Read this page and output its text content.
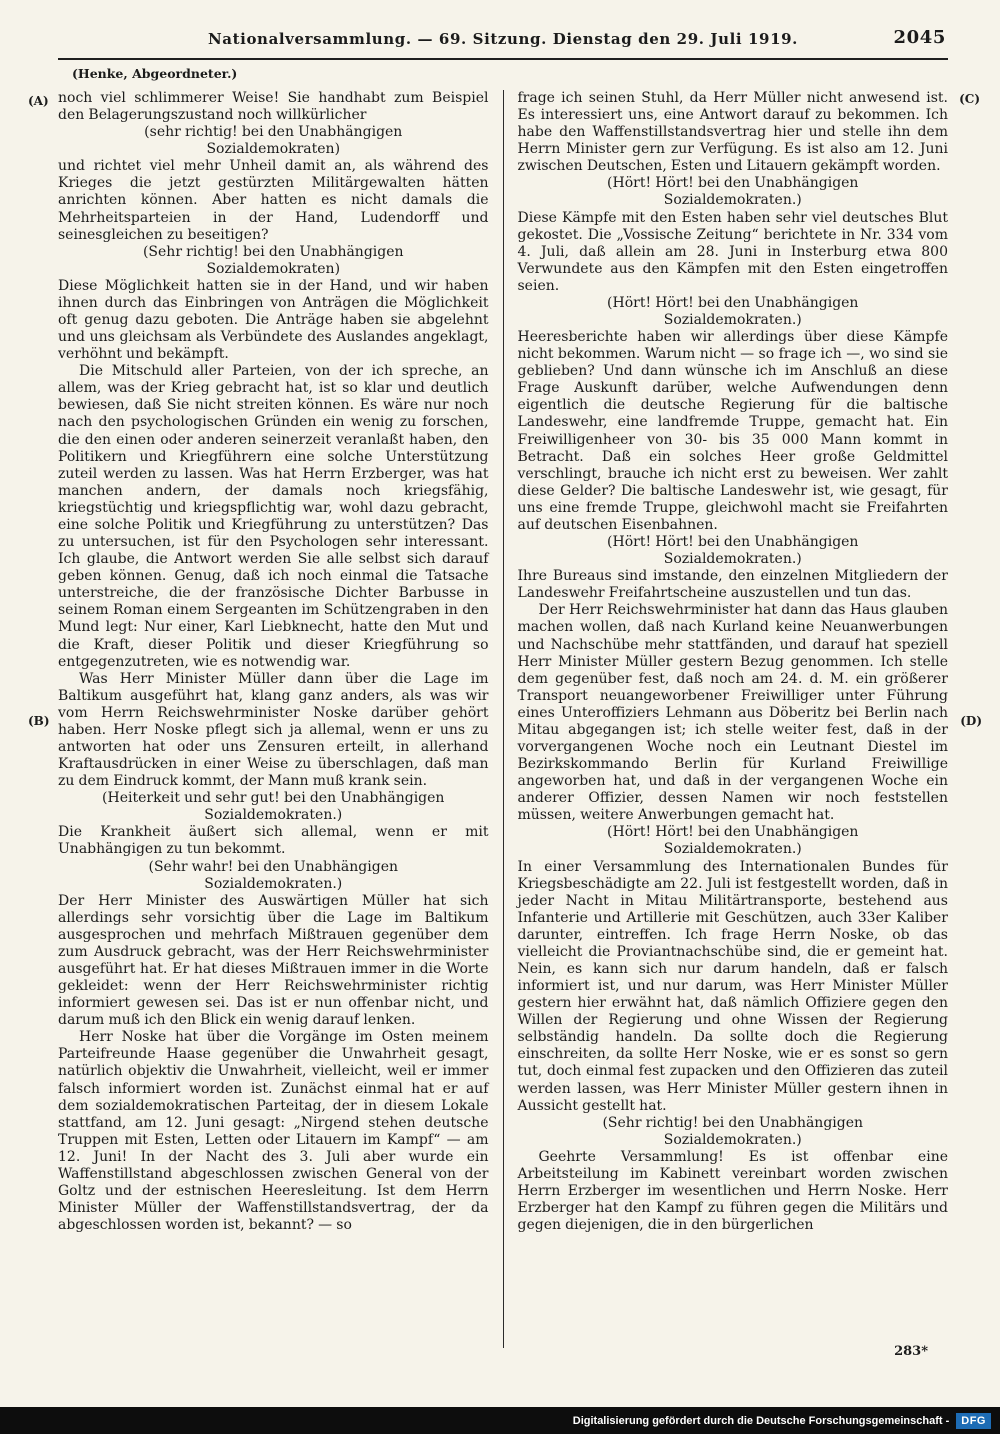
Nationalversammlung. — 69. Sitzung. Dienstag den 29. Juli 1919.	2045
(Henke, Abgeordneter.)
(A)
(B)
(C)
(D)

noch viel schlimmerer Weise! Sie handhabt zum Beispiel den Belagerungszustand noch willkürlicher

(sehr richtig! bei den Unabhängigen Sozialdemokraten)

und richtet viel mehr Unheil damit an, als während des Krieges die jetzt gestürzten Militärgewalten hätten anrichten können. Aber hatten es nicht damals die Mehrheitsparteien in der Hand, Ludendorff und seinesgleichen zu beseitigen?

(Sehr richtig! bei den Unabhängigen Sozialdemokraten)

Diese Möglichkeit hatten sie in der Hand, und wir haben ihnen durch das Einbringen von Anträgen die Möglichkeit oft genug dazu geboten. Die Anträge haben sie abgelehnt und uns gleichsam als Verbündete des Auslandes angeklagt, verhöhnt und bekämpft.

Die Mitschuld aller Parteien, von der ich spreche, an allem, was der Krieg gebracht hat, ist so klar und deutlich bewiesen, daß Sie nicht streiten können. Es wäre nur noch nach den psychologischen Gründen ein wenig zu forschen, die den einen oder anderen seinerzeit veranlaßt haben, den Politikern und Kriegführern eine solche Unterstützung zuteil werden zu lassen. Was hat Herrn Erzberger, was hat manchen andern, der damals noch kriegsfähig, kriegstüchtig und kriegspflichtig war, wohl dazu gebracht, eine solche Politik und Kriegführung zu unterstützen? Das zu untersuchen, ist für den Psychologen sehr interessant. Ich glaube, die Antwort werden Sie alle selbst sich darauf geben können. Genug, daß ich noch einmal die Tatsache unterstreiche, die der französische Dichter Barbusse in seinem Roman einem Sergeanten im Schützengraben in den Mund legt: Nur einer, Karl Liebknecht, hatte den Mut und die Kraft, dieser Politik und dieser Kriegführung so entgegenzutreten, wie es notwendig war.

Was Herr Minister Müller dann über die Lage im Baltikum ausgeführt hat, klang ganz anders, als was wir vom Herrn Reichswehrminister Noske darüber gehört haben. Herr Noske pflegt sich ja allemal, wenn er uns zu antworten hat oder uns Zensuren erteilt, in allerhand Kraftausdrücken in einer Weise zu überschlagen, daß man zu dem Eindruck kommt, der Mann muß krank sein.

(Heiterkeit und sehr gut! bei den Unabhängigen Sozialdemokraten.)

Die Krankheit äußert sich allemal, wenn er mit Unabhängigen zu tun bekommt.

(Sehr wahr! bei den Unabhängigen Sozialdemokraten.)

Der Herr Minister des Auswärtigen Müller hat sich allerdings sehr vorsichtig über die Lage im Baltikum ausgesprochen und mehrfach Mißtrauen gegenüber dem zum Ausdruck gebracht, was der Herr Reichswehrminister ausgeführt hat. Er hat dieses Mißtrauen immer in die Worte gekleidet: wenn der Herr Reichswehrminister richtig informiert gewesen sei. Das ist er nun offenbar nicht, und darum muß ich den Blick ein wenig darauf lenken.

Herr Noske hat über die Vorgänge im Osten meinem Parteifreunde Haase gegenüber die Unwahrheit gesagt, natürlich objektiv die Unwahrheit, vielleicht, weil er immer falsch informiert worden ist. Zunächst einmal hat er auf dem sozialdemokratischen Parteitag, der in diesem Lokale stattfand, am 12. Juni gesagt: „Nirgend stehen deutsche Truppen mit Esten, Letten oder Litauern im Kampf“ — am 12. Juni! In der Nacht des 3. Juli aber wurde ein Waffenstillstand abgeschlossen zwischen General von der Goltz und der estnischen Heeresleitung. Ist dem Herrn Minister Müller der Waffenstillstandsvertrag, der da abgeschlossen worden ist, bekannt? — so

frage ich seinen Stuhl, da Herr Müller nicht anwesend ist. Es interessiert uns, eine Antwort darauf zu bekommen. Ich habe den Waffenstillstandsvertrag hier und stelle ihn dem Herrn Minister gern zur Verfügung. Es ist also am 12. Juni zwischen Deutschen, Esten und Litauern gekämpft worden.

(Hört! Hört! bei den Unabhängigen Sozialdemokraten.)

Diese Kämpfe mit den Esten haben sehr viel deutsches Blut gekostet. Die „Vossische Zeitung“ berichtete in Nr. 334 vom 4. Juli, daß allein am 28. Juni in Insterburg etwa 800 Verwundete aus den Kämpfen mit den Esten eingetroffen seien.

(Hört! Hört! bei den Unabhängigen Sozialdemokraten.)

Heeresberichte haben wir allerdings über diese Kämpfe nicht bekommen. Warum nicht — so frage ich —, wo sind sie geblieben? Und dann wünsche ich im Anschluß an diese Frage Auskunft darüber, welche Aufwendungen denn eigentlich die deutsche Regierung für die baltische Landeswehr, eine landfremde Truppe, gemacht hat. Ein Freiwilligenheer von 30- bis 35 000 Mann kommt in Betracht. Daß ein solches Heer große Geldmittel verschlingt, brauche ich nicht erst zu beweisen. Wer zahlt diese Gelder? Die baltische Landeswehr ist, wie gesagt, für uns eine fremde Truppe, gleichwohl macht sie Freifahrten auf deutschen Eisenbahnen.

(Hört! Hört! bei den Unabhängigen Sozialdemokraten.)

Ihre Bureaus sind imstande, den einzelnen Mitgliedern der Landeswehr Freifahrtscheine auszustellen und tun das.

Der Herr Reichswehrminister hat dann das Haus glauben machen wollen, daß nach Kurland keine Neuanwerbungen und Nachschübe mehr stattfänden, und darauf hat speziell Herr Minister Müller gestern Bezug genommen. Ich stelle dem gegenüber fest, daß noch am 24. d. M. ein größerer Transport neuangeworbener Freiwilliger unter Führung eines Unteroffiziers Lehmann aus Döberitz bei Berlin nach Mitau abgegangen ist; ich stelle weiter fest, daß in der vorvergangenen Woche noch ein Leutnant Diestel im Bezirkskommando Berlin für Kurland Freiwillige angeworben hat, und daß in der vergangenen Woche ein anderer Offizier, dessen Namen wir noch feststellen müssen, weitere Anwerbungen gemacht hat.

(Hört! Hört! bei den Unabhängigen Sozialdemokraten.)

In einer Versammlung des Internationalen Bundes für Kriegsbeschädigte am 22. Juli ist festgestellt worden, daß in jeder Nacht in Mitau Militärtransporte, bestehend aus Infanterie und Artillerie mit Geschützen, auch 33er Kaliber darunter, eintreffen. Ich frage Herrn Noske, ob das vielleicht die Proviantnachschübe sind, die er gemeint hat. Nein, es kann sich nur darum handeln, daß er falsch informiert ist, und nur darum, was Herr Minister Müller gestern hier erwähnt hat, daß nämlich Offiziere gegen den Willen der Regierung und ohne Wissen der Regierung selbständig handeln. Da sollte doch die Regierung einschreiten, da sollte Herr Noske, wie er es sonst so gern tut, doch einmal fest zupacken und den Offizieren das zuteil werden lassen, was Herr Minister Müller gestern ihnen in Aussicht gestellt hat.

(Sehr richtig! bei den Unabhängigen Sozialdemokraten.)

Geehrte Versammlung! Es ist offenbar eine Arbeitsteilung im Kabinett vereinbart worden zwischen Herrn Erzberger im wesentlichen und Herrn Noske. Herr Erzberger hat den Kampf zu führen gegen die Militärs und gegen diejenigen, die in den bürgerlichen

283*
Digitalisierung gefördert durch die Deutsche Forschungsgemeinschaft -	DFG
